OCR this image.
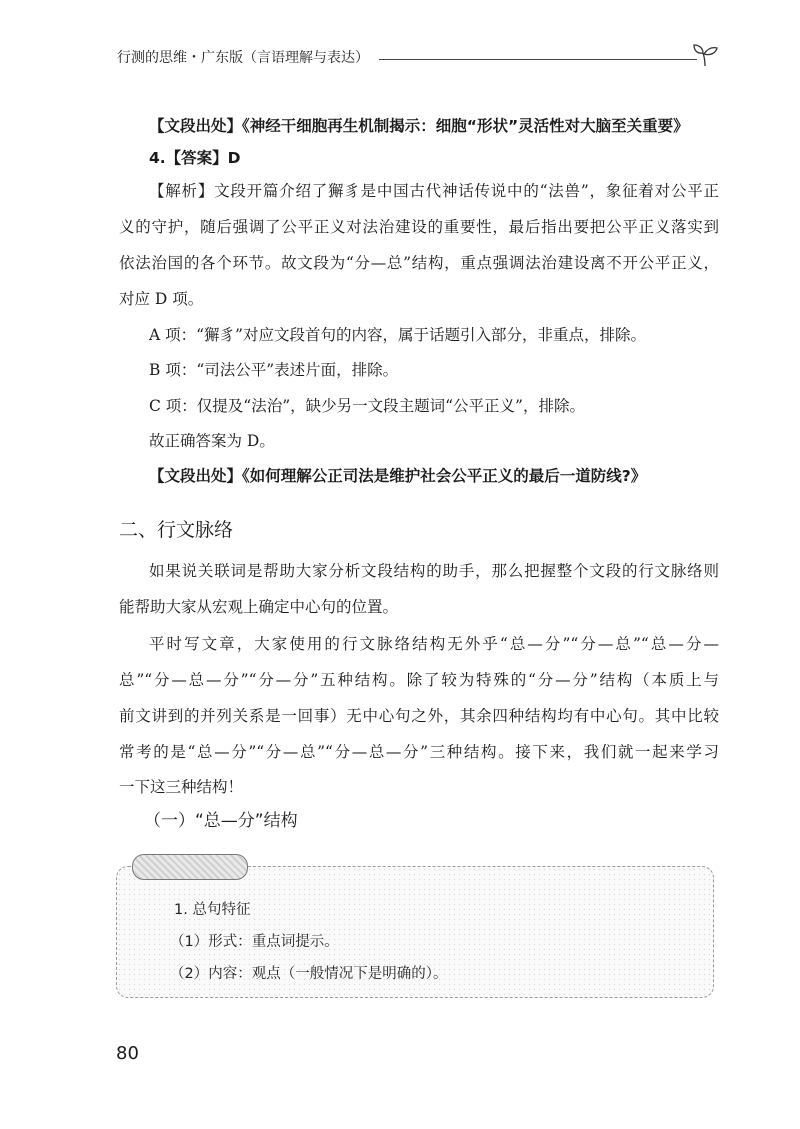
行测的思维・广东版（言语理解与表达）
【文段出处】《神经干细胞再生机制揭示：细胞“形状”灵活性对大脑至关重要》
4.【答案】D

【解析】文段开篇介绍了獬豸是中国古代神话传说中的“法兽”，象征着对公平正

义的守护，随后强调了公平正义对法治建设的重要性，最后指出要把公平正义落实到

依法治国的各个环节。故文段为“分—总”结构，重点强调法治建设离不开公平正义，

对应 D 项。

A 项：“獬豸”对应文段首句的内容，属于话题引入部分，非重点，排除。
B 项：“司法公平”表述片面，排除。
C 项：仅提及“法治”，缺少另一文段主题词“公平正义”，排除。
故正确答案为 D。
【文段出处】《如何理解公正司法是维护社会公平正义的最后一道防线?》
二、行文脉络

如果说关联词是帮助大家分析文段结构的助手，那么把握整个文段的行文脉络则

能帮助大家从宏观上确定中心句的位置。

平时写文章，大家使用的行文脉络结构无外乎“总—分”“分—总”“总—分—

总”“分—总—分”“分—分”五种结构。除了较为特殊的“分—分”结构（本质上与

前文讲到的并列关系是一回事）无中心句之外，其余四种结构均有中心句。其中比较

常考的是“总—分”“分—总”“分—总—分”三种结构。接下来，我们就一起来学习

一下这三种结构！

（一）“总—分”结构
1. 总句特征
（1）形式：重点词提示。
（2）内容：观点（一般情况下是明确的）。
80
